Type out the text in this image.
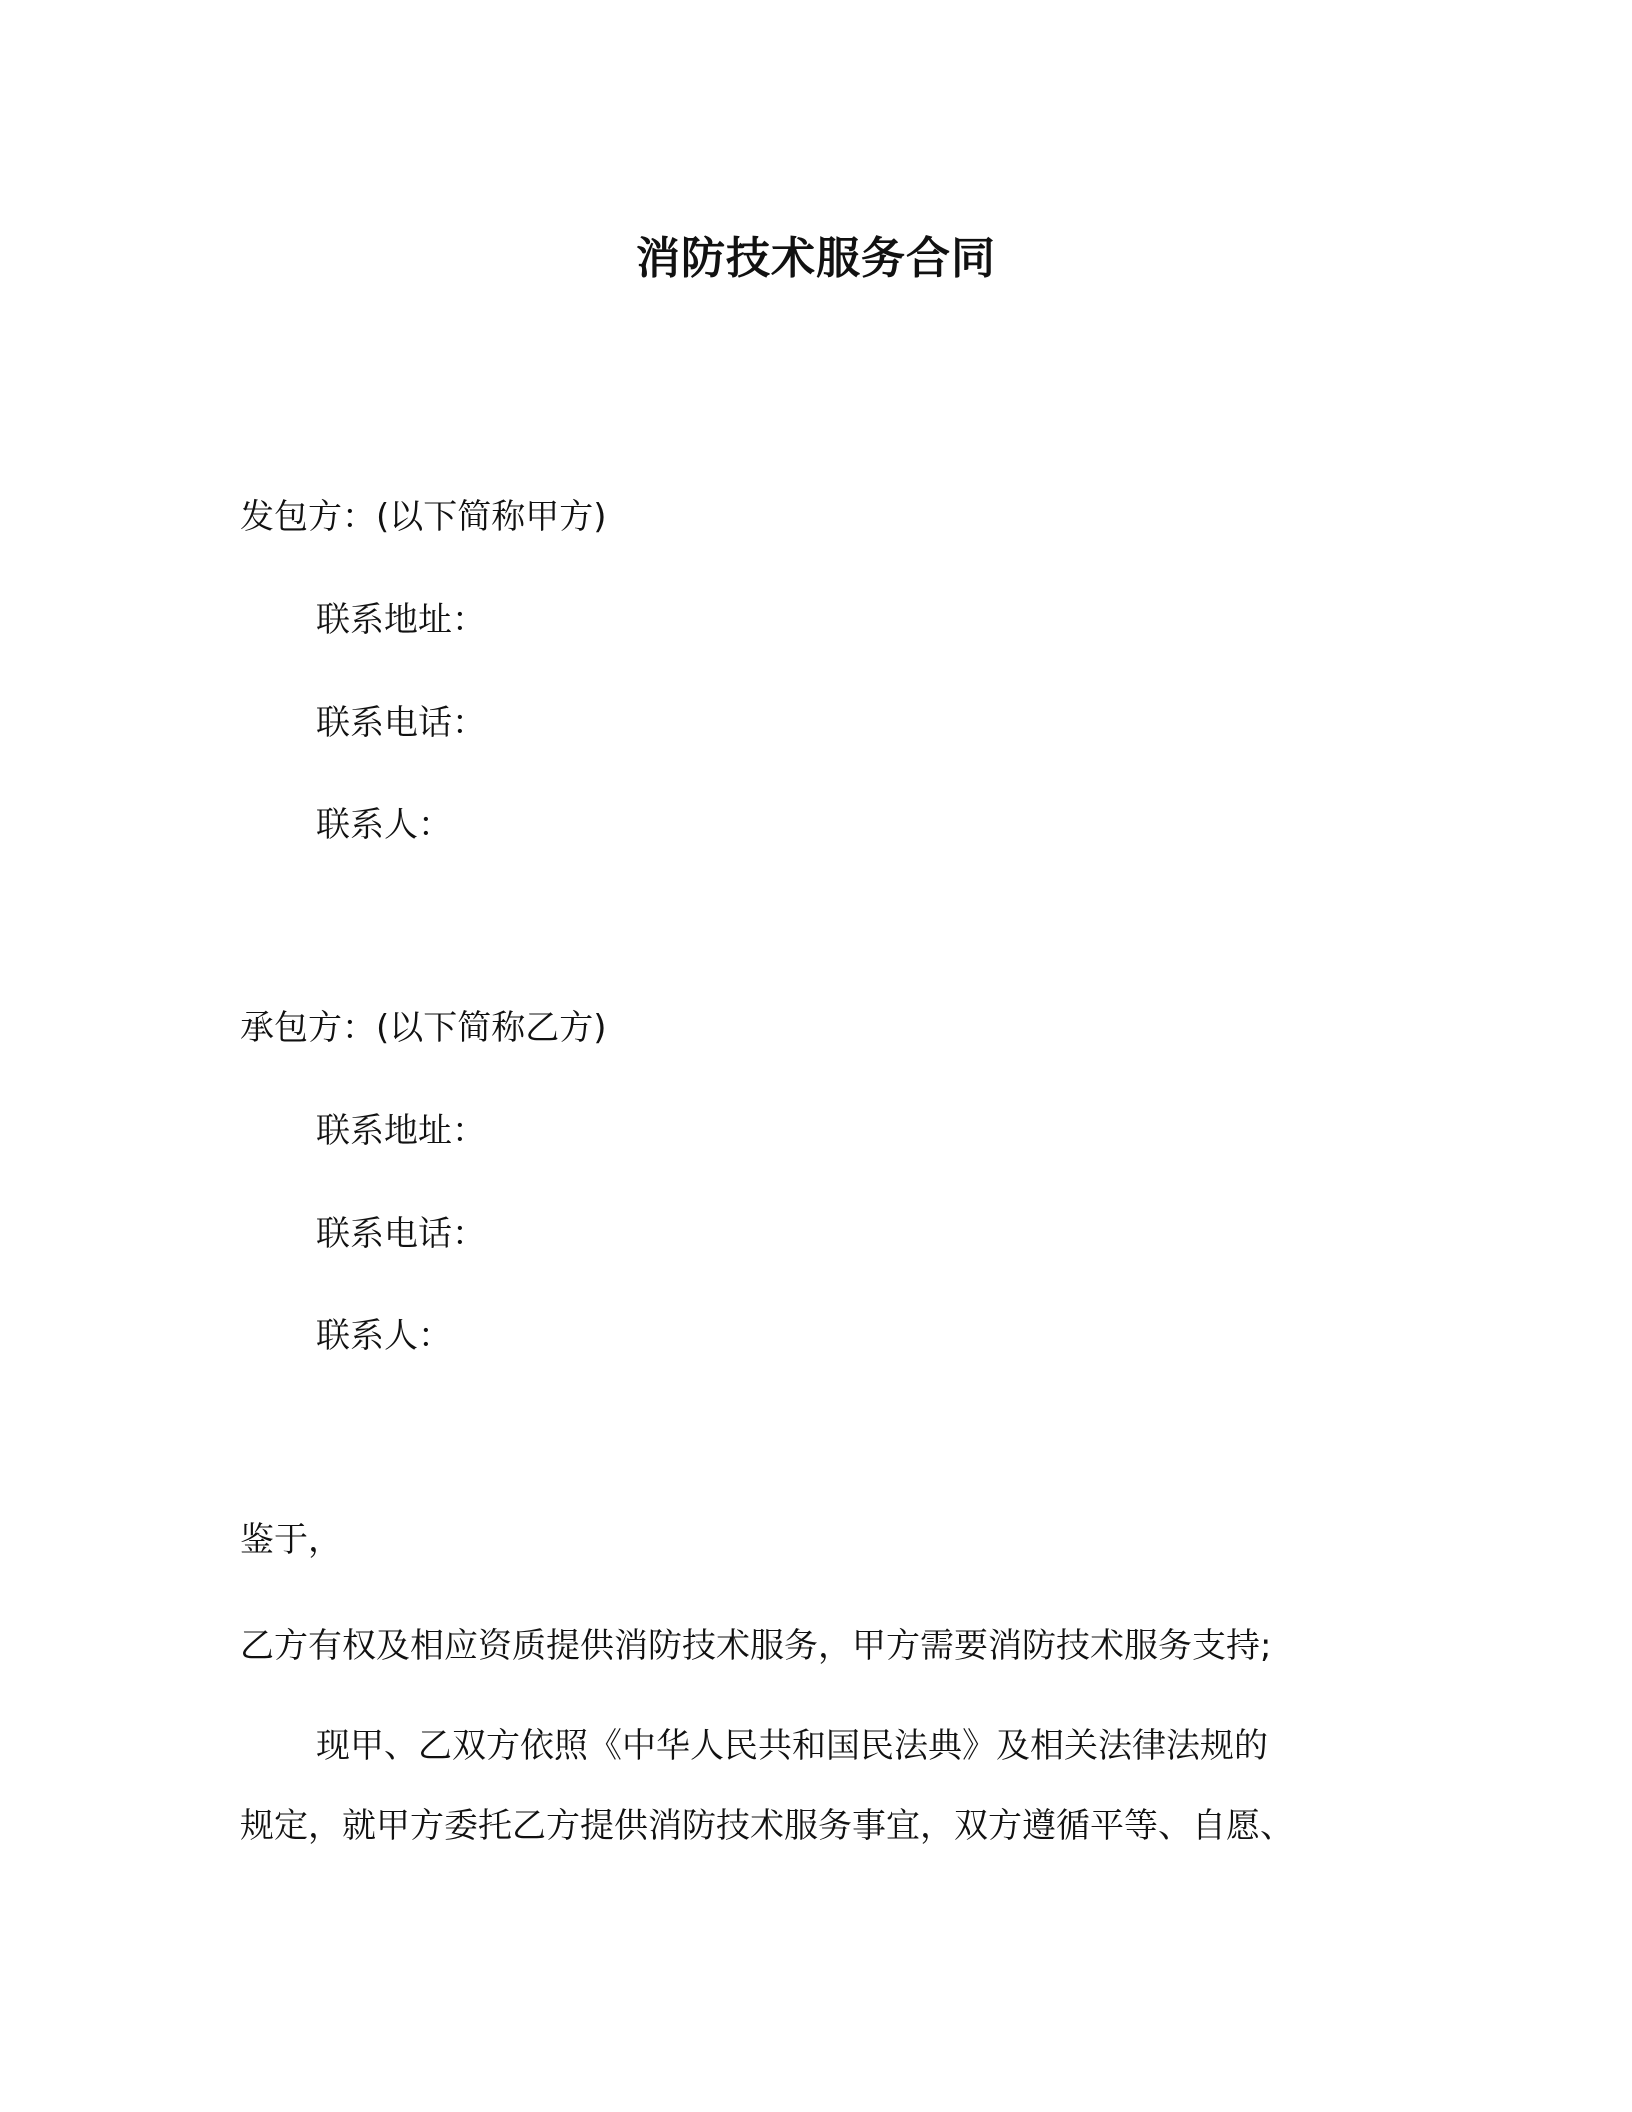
消防技术服务合同
发包方：(以下简称甲方)
联系地址：
联系电话：
联系人：
承包方：(以下简称乙方)
联系地址：
联系电话：
联系人：
鉴于，
乙方有权及相应资质提供消防技术服务，甲方需要消防技术服务支持;
现甲、乙双方依照《中华人民共和国民法典》及相关法律法规的
规定，就甲方委托乙方提供消防技术服务事宜，双方遵循平等、自愿、
